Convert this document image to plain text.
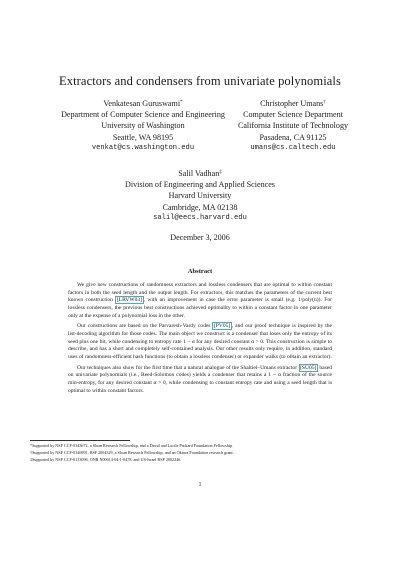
Extractors and condensers from univariate polynomials
Venkatesan Guruswami*
Department of Computer Science and Engineering
University of Washington
Seattle, WA 98195
venkat@cs.washington.edu
Christopher Umans†
Computer Science Department
California Institute of Technology
Pasadena, CA 91125
umans@cs.caltech.edu
Salil Vadhan‡
Division of Engineering and Applied Sciences
Harvard University
Cambridge, MA 02138
salil@eecs.harvard.edu
December 3, 2006
Abstract

We give new constructions of randomness extractors and lossless condensers that are optimal to within constant factors in both the seed length and the output length. For extractors, this matches the parameters of the current best known construction [LRVW03] , with an improvement in case the error parameter is small (e.g. 1/poly(n)). For lossless condensers, the previous best constructions achieved optimality to within a constant factor in one parameter only at the expense of a polynomial loss in the other.

Our constructions are based on the Parvaresh-Vardy codes [PV05] , and our proof technique is inspired by the list-decoding algorithm for those codes. The main object we construct is a condenser that loses only the entropy of its seed plus one bit, while condensing to entropy rate 1 − α for any desired constant α > 0. This construction is simple to describe, and has a short and completely self-contained analysis. Our other results only require, in addition, standard uses of randomness-efficient hash functions (to obtain a lossless condenser) or expander walks (to obtain an extractor).

Our techniques also show for the first time that a natural analogue of the Shaltiel–Umans extractor [SU05] based on univariate polynomials (i.e., Reed-Solomon codes) yields a condenser that retains a 1 − α fraction of the source min-entropy, for any desired constant α > 0, while condensing to constant entropy rate and using a seed length that is optimal to within constant factors.

*Supported by NSF CCF-0343672, a Sloan Research Fellowship, and a David and Lucile Packard Foundation Fellowship.
†Supported by NSF CCF-0346991, BSF 2004329, a Sloan Research Fellowship, and an Okawa Foundation research grant.
‡Supported by NSF CCF-0133096, ONR N00014-04-1-0478, and US-Israel BSF 2002246.
1
